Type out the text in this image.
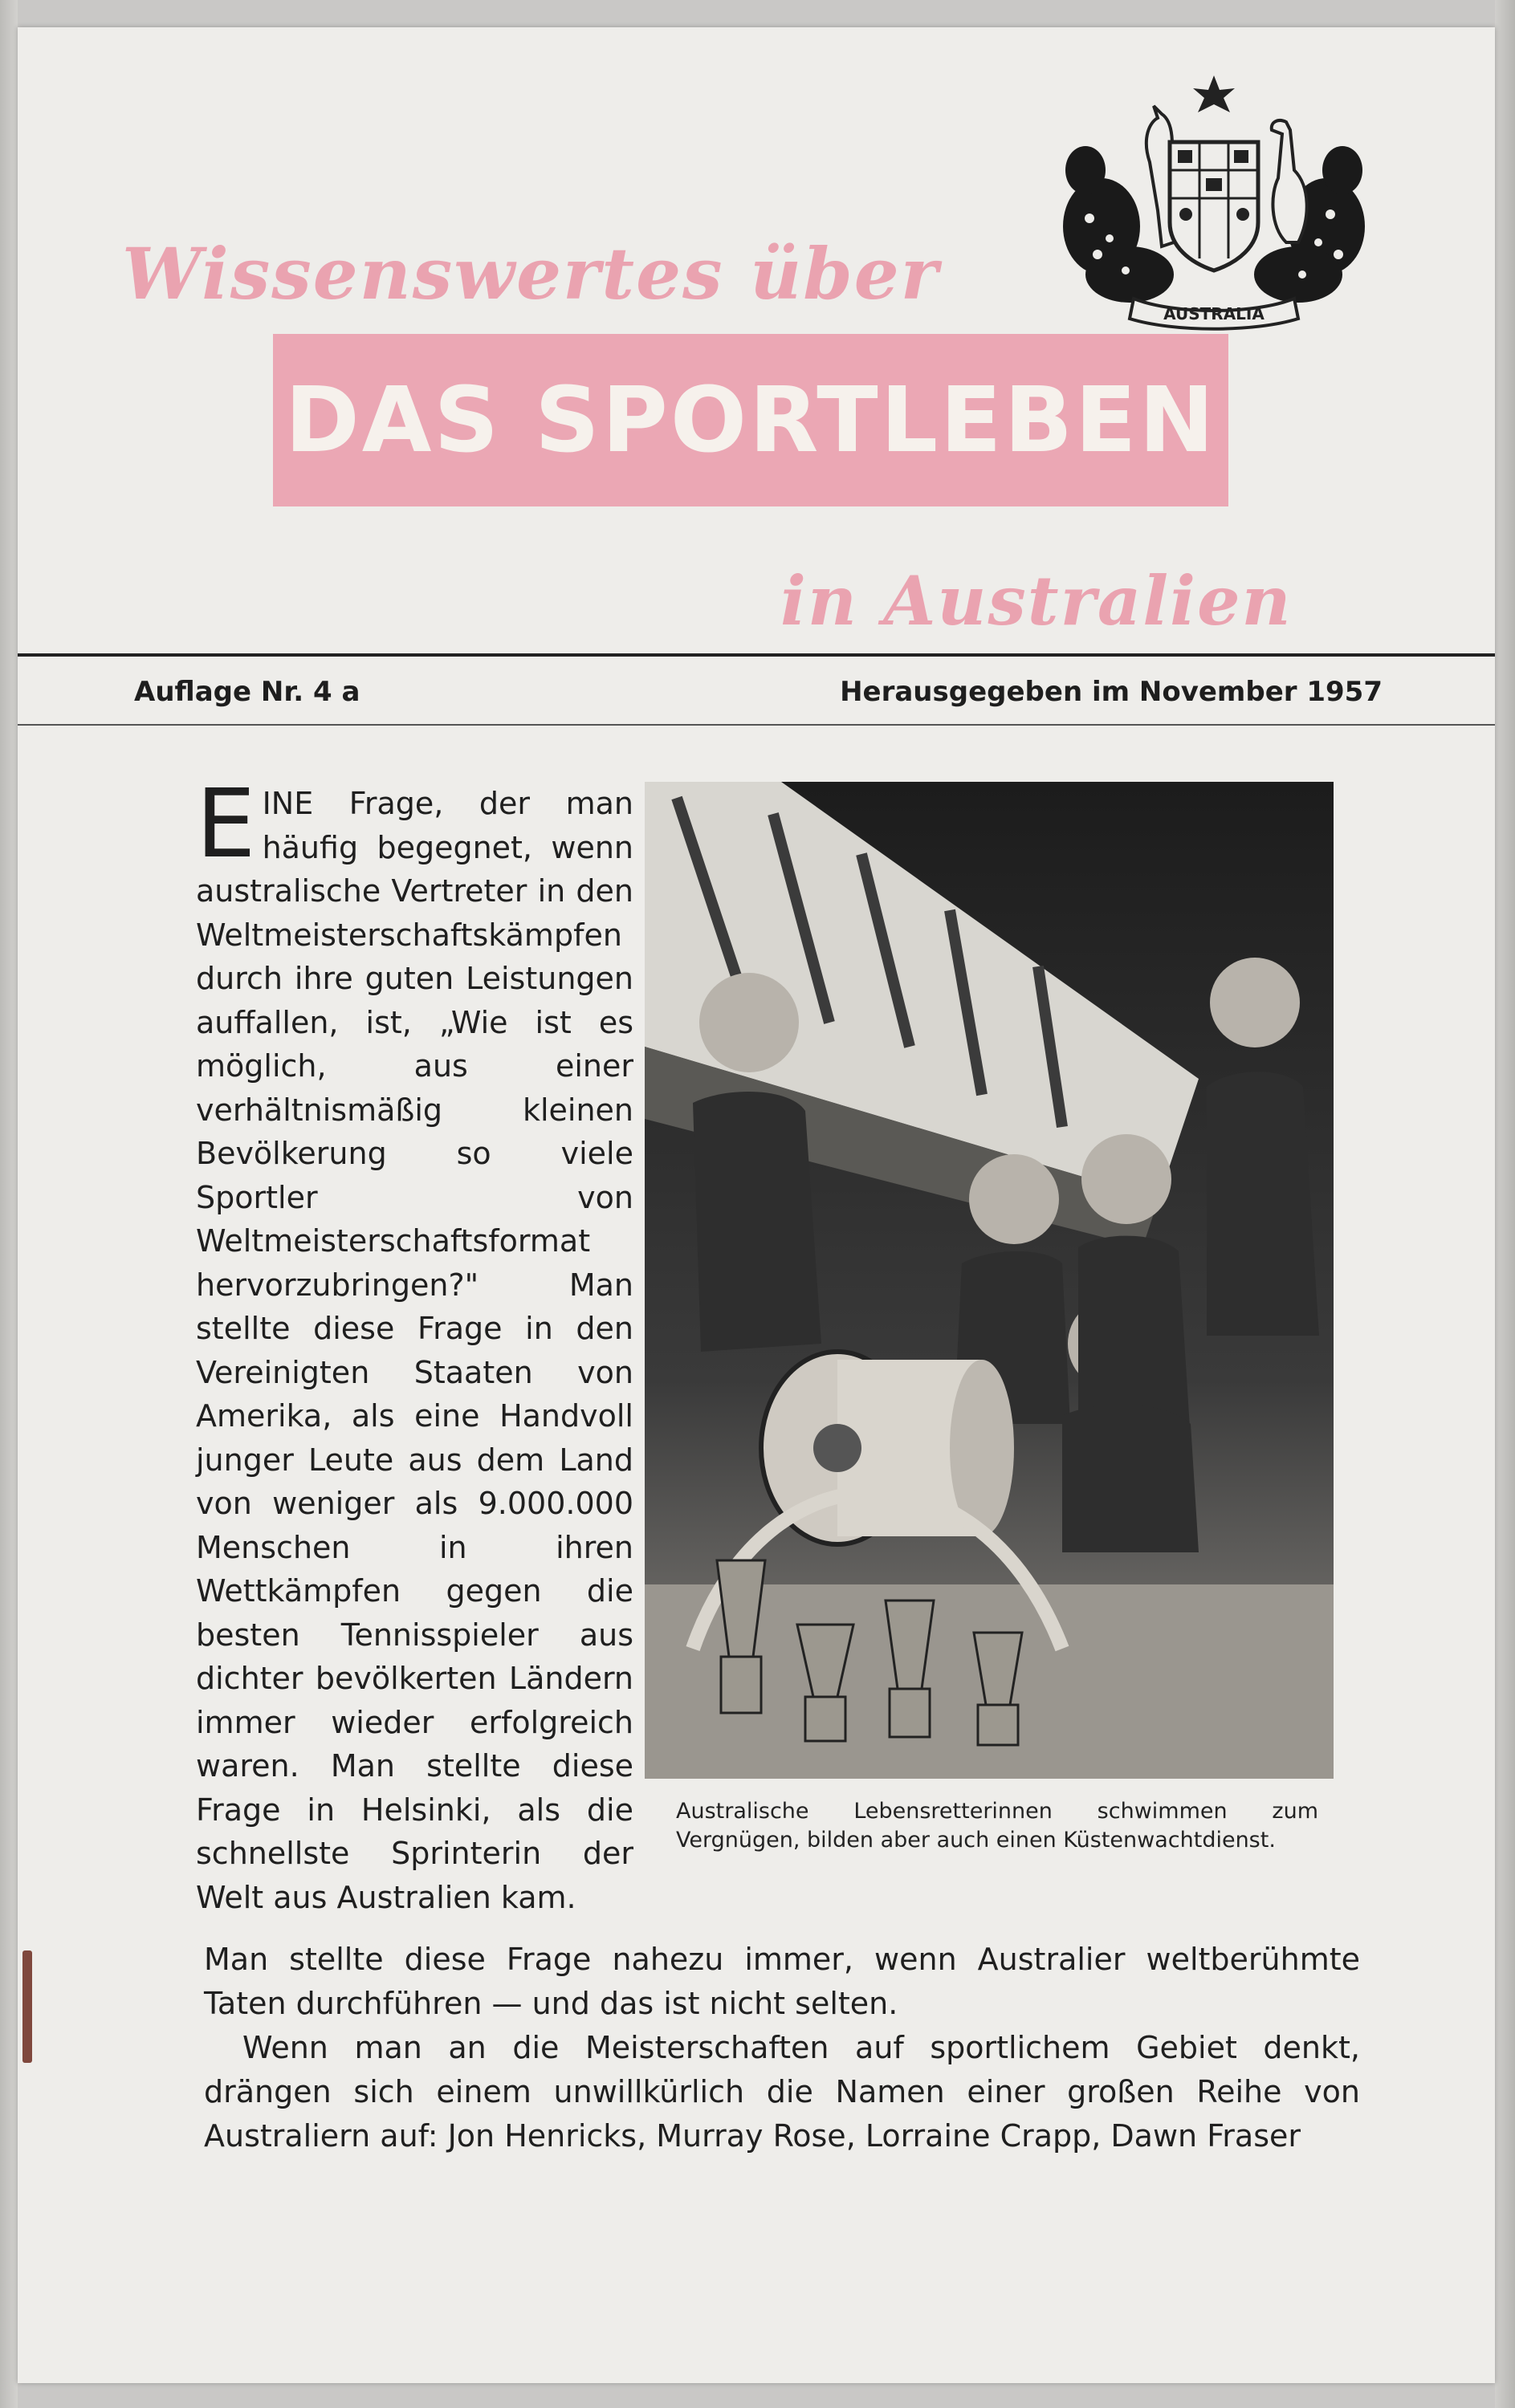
Wissenswertes über	AUSTRALIA
DAS SPORTLEBEN
in Australien
Auflage Nr. 4 a	Herausgegeben im November 1957
EINE Frage, der man häufig begegnet, wenn australische Vertreter in den Weltmeisterschaftskämpfen durch ihre guten Leistungen auffallen, ist, „Wie ist es möglich, aus einer verhältnismäßig kleinen Bevölkerung so viele Sportler von Weltmeisterschaftsformat hervorzubringen?" Man stellte diese Frage in den Vereinigten Staaten von Amerika, als eine Handvoll junger Leute aus dem Land von weniger als 9.000.000 Menschen in ihren Wettkämpfen gegen die besten Tennisspieler aus dichter bevölkerten Ländern immer wieder erfolgreich waren. Man stellte diese Frage in Helsinki, als die schnellste Sprinterin der Welt aus Australien kam.
Australische Lebensretterinnen schwimmen zum Vergnügen, bilden aber auch einen Küstenwachtdienst.

Man stellte diese Frage nahezu immer, wenn Australier weltberühmte Taten durchführen — und das ist nicht selten.

Wenn man an die Meisterschaften auf sportlichem Gebiet denkt, drängen sich einem unwillkürlich die Namen einer großen Reihe von Australiern auf: Jon Henricks, Murray Rose, Lorraine Crapp, Dawn Fraser
